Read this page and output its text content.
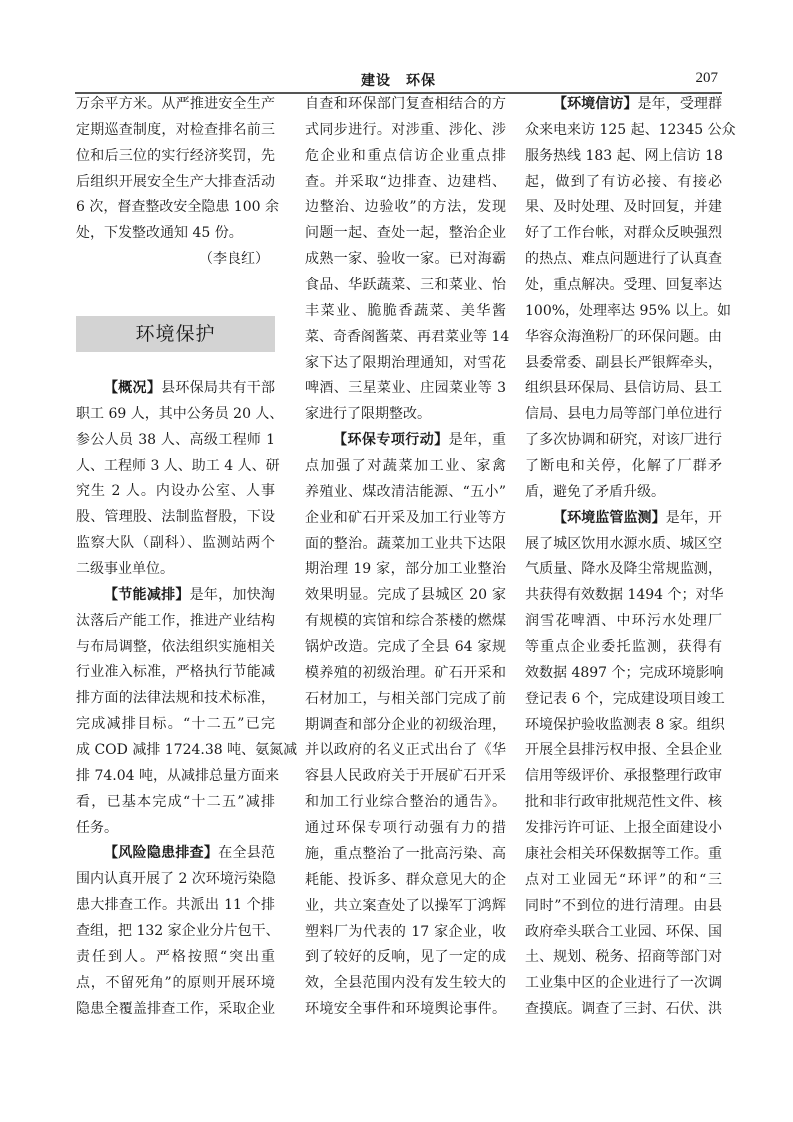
建设　环保	207
万余平方米。从严推进安全生产
定期巡查制度，对检查排名前三
位和后三位的实行经济奖罚，先
后组织开展安全生产大排查活动
6 次，督查整改安全隐患 100 余
处，下发整改通知 45 份。
（李良红）
环境保护
【概况】县环保局共有干部
职工 69 人，其中公务员 20 人、
参公人员 38 人、高级工程师 1
人、工程师 3 人、助工 4 人、研
究生 2 人。内设办公室、人事
股、管理股、法制监督股，下设
监察大队（副科）、监测站两个
二级事业单位。
【节能减排】是年，加快淘
汰落后产能工作，推进产业结构
与布局调整，依法组织实施相关
行业准入标准，严格执行节能减
排方面的法律法规和技术标准，
完成减排目标。“十二五”已完
成 COD 减排 1724.38 吨、氨氮减
排 74.04 吨，从减排总量方面来
看，已基本完成“十二五”减排
任务。
【风险隐患排查】在全县范
围内认真开展了 2 次环境污染隐
患大排查工作。共派出 11 个排
查组，把 132 家企业分片包干、
责任到人。严格按照“突出重
点，不留死角”的原则开展环境
隐患全覆盖排查工作，采取企业
自查和环保部门复查相结合的方
式同步进行。对涉重、涉化、涉
危企业和重点信访企业重点排
查。并采取“边排查、边建档、
边整治、边验收”的方法，发现
问题一起、查处一起，整治企业
成熟一家、验收一家。已对海霸
食品、华跃蔬菜、三和菜业、怡
丰菜业、脆脆香蔬菜、美华酱
菜、奇香阁酱菜、再君菜业等 14
家下达了限期治理通知，对雪花
啤酒、三星菜业、庄园菜业等 3
家进行了限期整改。
【环保专项行动】是年，重
点加强了对蔬菜加工业、家禽
养殖业、煤改清洁能源、“五小”
企业和矿石开采及加工行业等方
面的整治。蔬菜加工业共下达限
期治理 19 家，部分加工业整治
效果明显。完成了县城区 20 家
有规模的宾馆和综合茶楼的燃煤
锅炉改造。完成了全县 64 家规
模养殖的初级治理。矿石开采和
石材加工，与相关部门完成了前
期调查和部分企业的初级治理，
并以政府的名义正式出台了《华
容县人民政府关于开展矿石开采
和加工行业综合整治的通告》。
通过环保专项行动强有力的措
施，重点整治了一批高污染、高
耗能、投诉多、群众意见大的企
业，共立案查处了以操军丁鸿辉
塑料厂为代表的 17 家企业，收
到了较好的反响，见了一定的成
效，全县范围内没有发生较大的
环境安全事件和环境舆论事件。
【环境信访】是年，受理群
众来电来访 125 起、12345 公众
服务热线 183 起、网上信访 18
起，做到了有访必接、有接必
果、及时处理、及时回复，并建
好了工作台帐，对群众反映强烈
的热点、难点问题进行了认真查
处，重点解决。受理、回复率达
100%，处理率达 95% 以上。如
华容众海渔粉厂的环保问题。由
县委常委、副县长严银辉牵头，
组织县环保局、县信访局、县工
信局、县电力局等部门单位进行
了多次协调和研究，对该厂进行
了断电和关停，化解了厂群矛
盾，避免了矛盾升级。
【环境监管监测】是年，开
展了城区饮用水源水质、城区空
气质量、降水及降尘常规监测，
共获得有效数据 1494 个；对华
润雪花啤酒、中环污水处理厂
等重点企业委托监测，获得有
效数据 4897 个；完成环境影响
登记表 6 个，完成建设项目竣工
环境保护验收监测表 8 家。组织
开展全县排污权申报、全县企业
信用等级评价、承报整理行政审
批和非行政审批规范性文件、核
发排污许可证、上报全面建设小
康社会相关环保数据等工作。重
点对工业园无“环评”的和“三
同时”不到位的进行清理。由县
政府牵头联合工业园、环保、国
土、规划、税务、招商等部门对
工业集中区的企业进行了一次调
查摸底。调查了三封、石伏、洪
